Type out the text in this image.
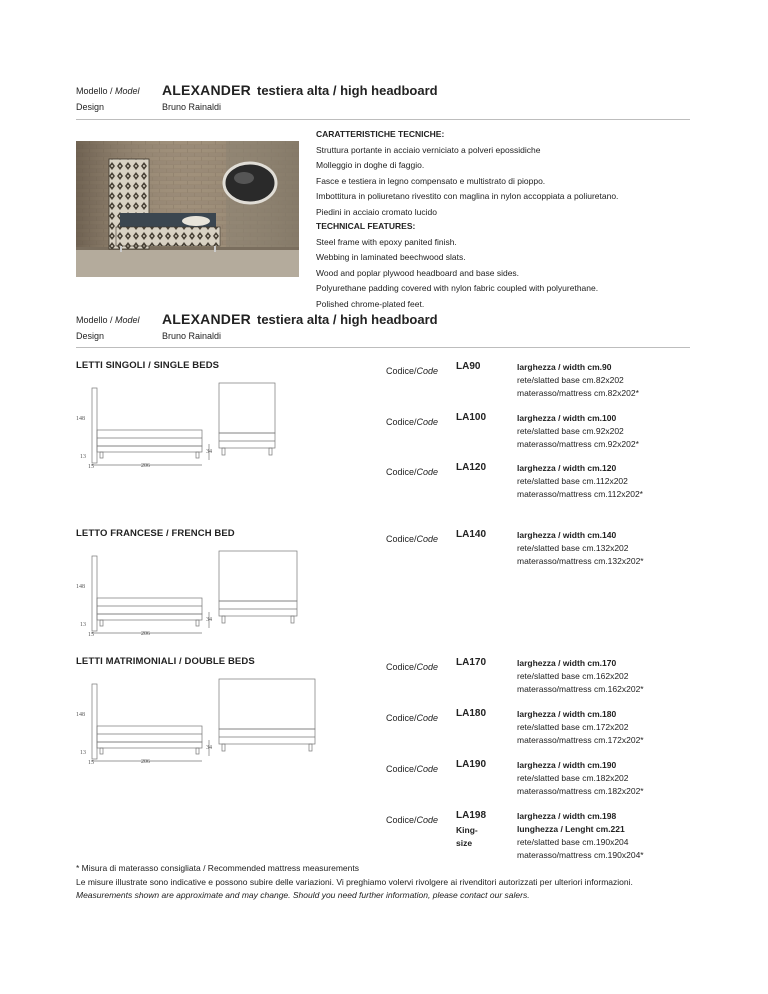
Modello / Model ALEXANDER testiera alta / high headboard
Design	Bruno Rainaldi
CARATTERISTICHE TECNICHE:
Struttura portante in acciaio verniciato a polveri epossidiche
Molleggio in doghe di faggio.
Fasce e testiera in legno compensato e multistrato di pioppo.
Imbottitura in poliuretano rivestito con maglina in nylon accoppiata a poliuretano.
Piedini in acciaio cromato lucido
TECHNICAL FEATURES:
Steel frame with epoxy panited finish.
Webbing in laminated beechwood slats.
Wood and poplar plywood headboard and base sides.
Polyurethane padding covered with nylon fabric coupled with polyurethane.
Polished chrome-plated feet.
Modello / Model ALEXANDER testiera alta / high headboard
Design	Bruno Rainaldi
LETTI SINGOLI / SINGLE BEDS
LETTO FRANCESE / FRENCH BED
LETTI MATRIMONIALI / DOUBLE BEDS
148
206
34
13
15
148
206
34
13
15
148
206
34
13
15
Codice/Code LA90	larghezza / width cm.90
rete/slatted base cm.82x202
materasso/mattress cm.82x202*
Codice/Code LA100	larghezza / width cm.100
rete/slatted base cm.92x202
materasso/mattress cm.92x202*
Codice/Code LA120	larghezza / width cm.120
rete/slatted base cm.112x202
materasso/mattress cm.112x202*
Codice/Code LA140	larghezza / width cm.140
rete/slatted base cm.132x202
materasso/mattress cm.132x202*
Codice/Code LA170	larghezza / width cm.170
rete/slatted base cm.162x202
materasso/mattress cm.162x202*
Codice/Code LA180	larghezza / width cm.180
rete/slatted base cm.172x202
materasso/mattress cm.172x202*
Codice/Code LA190	larghezza / width cm.190
rete/slatted base cm.182x202
materasso/mattress cm.182x202*
Codice/Code LA198
King-size
larghezza / width cm.198
lunghezza / Lenght cm.221
rete/slatted base cm.190x204
materasso/mattress cm.190x204*
* Misura di materasso consigliata / Recommended mattress measurements
Le misure illustrate sono indicative e possono subire delle variazioni. Vi preghiamo volervi rivolgere ai rivenditori autorizzati per ulteriori informazioni.
Measurements shown are approximate and may change. Should you need further information, please contact our salers.
